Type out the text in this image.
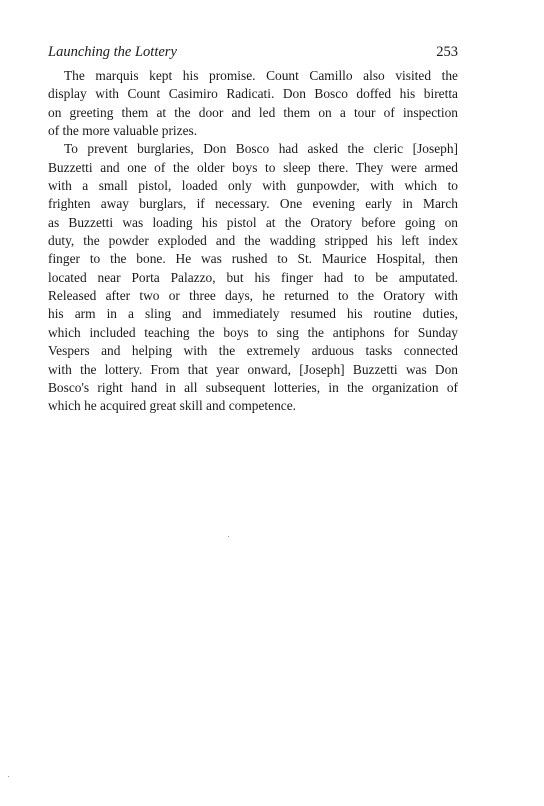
Launching the Lottery	253
The marquis kept his promise. Count Camillo also visited the
display with Count Casimiro Radicati. Don Bosco doffed his biretta
on greeting them at the door and led them on a tour of inspection
of the more valuable prizes.
To prevent burglaries, Don Bosco had asked the cleric [Joseph]
Buzzetti and one of the older boys to sleep there. They were armed
with a small pistol, loaded only with gunpowder, with which to
frighten away burglars, if necessary. One evening early in March
as Buzzetti was loading his pistol at the Oratory before going on
duty, the powder exploded and the wadding stripped his left index
finger to the bone. He was rushed to St. Maurice Hospital, then
located near Porta Palazzo, but his finger had to be amputated.
Released after two or three days, he returned to the Oratory with
his arm in a sling and immediately resumed his routine duties,
which included teaching the boys to sing the antiphons for Sunday
Vespers and helping with the extremely arduous tasks connected
with the lottery. From that year onward, [Joseph] Buzzetti was Don
Bosco's right hand in all subsequent lotteries, in the organization of
which he acquired great skill and competence.
